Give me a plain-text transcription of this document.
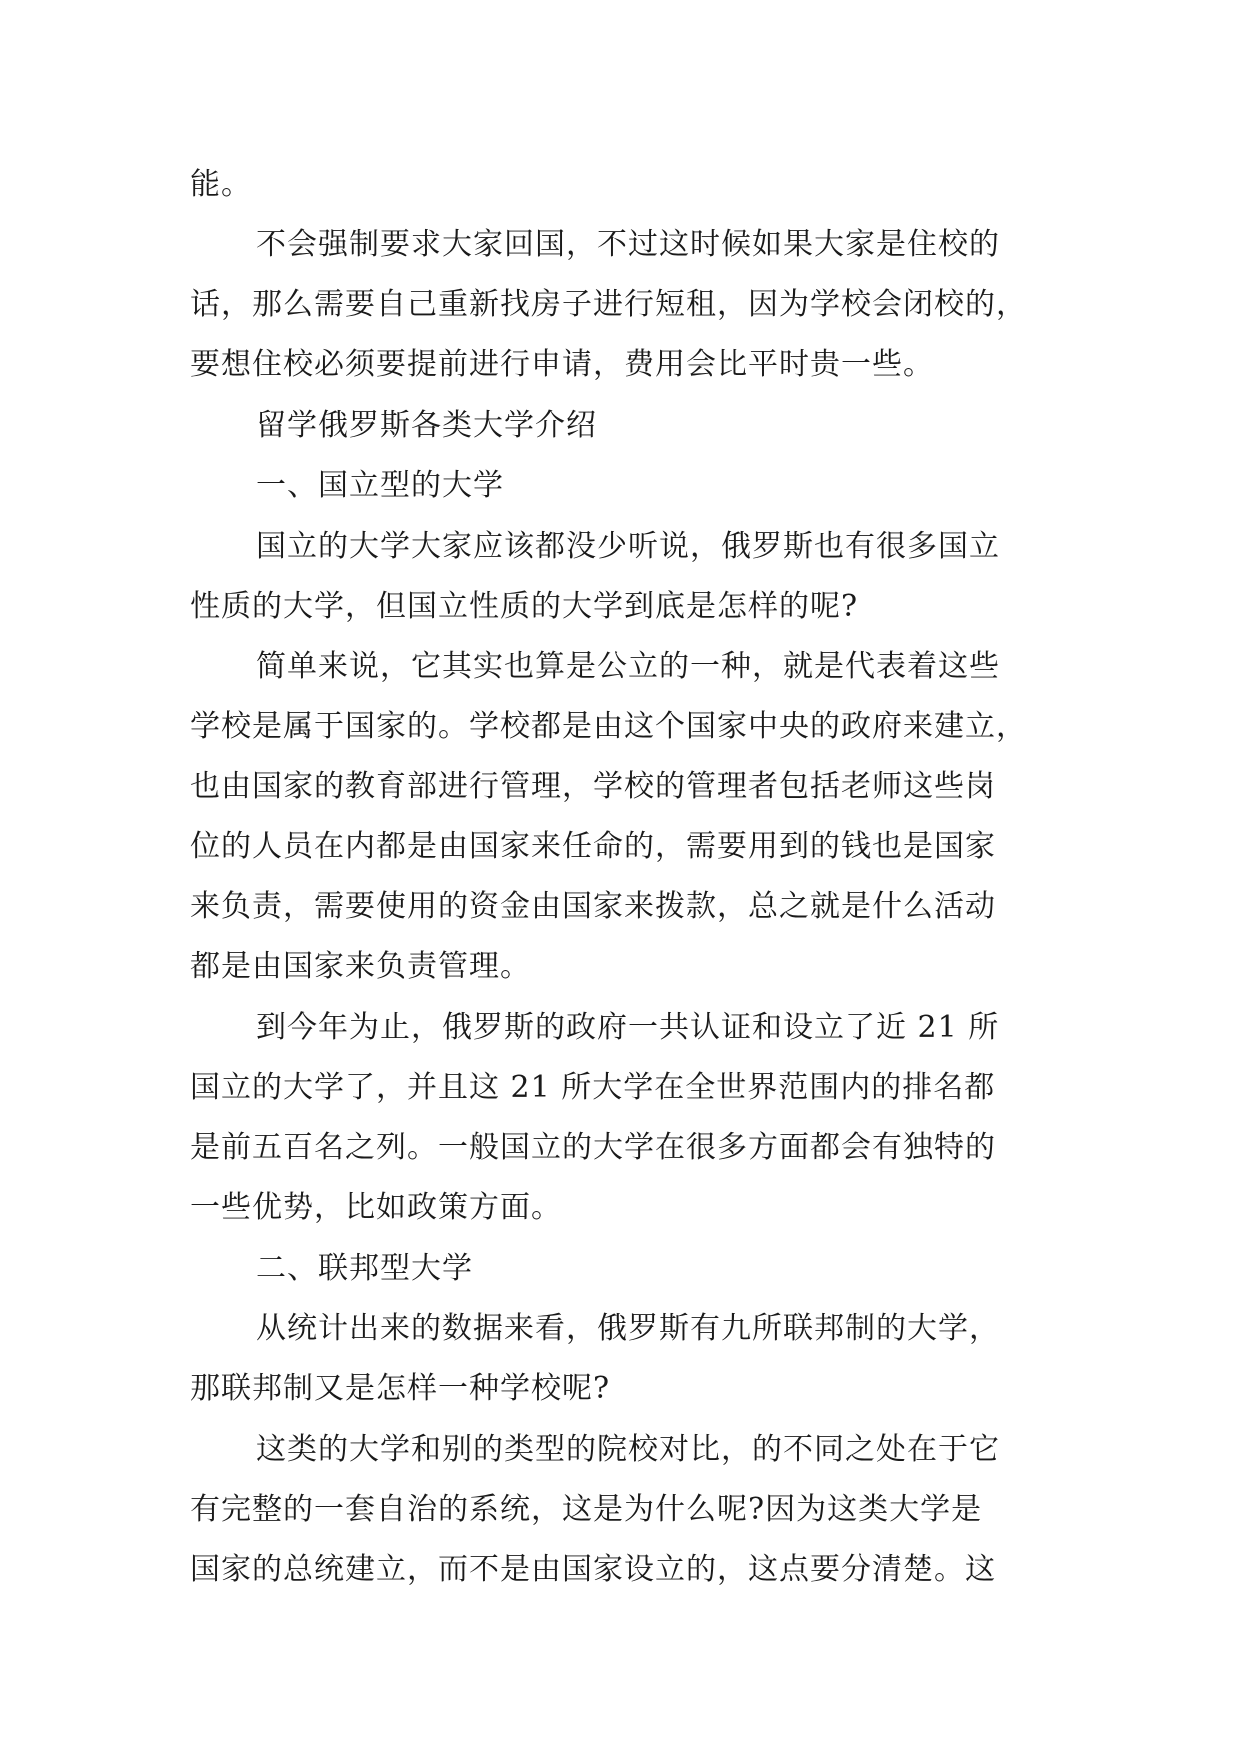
能。
不会强制要求大家回国，不过这时候如果大家是住校的
话，那么需要自己重新找房子进行短租，因为学校会闭校的，
要想住校必须要提前进行申请，费用会比平时贵一些。
留学俄罗斯各类大学介绍
一、国立型的大学
国立的大学大家应该都没少听说，俄罗斯也有很多国立
性质的大学，但国立性质的大学到底是怎样的呢?
简单来说，它其实也算是公立的一种，就是代表着这些
学校是属于国家的。学校都是由这个国家中央的政府来建立，
也由国家的教育部进行管理，学校的管理者包括老师这些岗
位的人员在内都是由国家来任命的，需要用到的钱也是国家
来负责，需要使用的资金由国家来拨款，总之就是什么活动
都是由国家来负责管理。
到今年为止，俄罗斯的政府一共认证和设立了近 21 所
国立的大学了，并且这 21 所大学在全世界范围内的排名都
是前五百名之列。一般国立的大学在很多方面都会有独特的
一些优势，比如政策方面。
二、联邦型大学
从统计出来的数据来看，俄罗斯有九所联邦制的大学，
那联邦制又是怎样一种学校呢?
这类的大学和别的类型的院校对比，的不同之处在于它
有完整的一套自治的系统，这是为什么呢?因为这类大学是
国家的总统建立，而不是由国家设立的，这点要分清楚。这
